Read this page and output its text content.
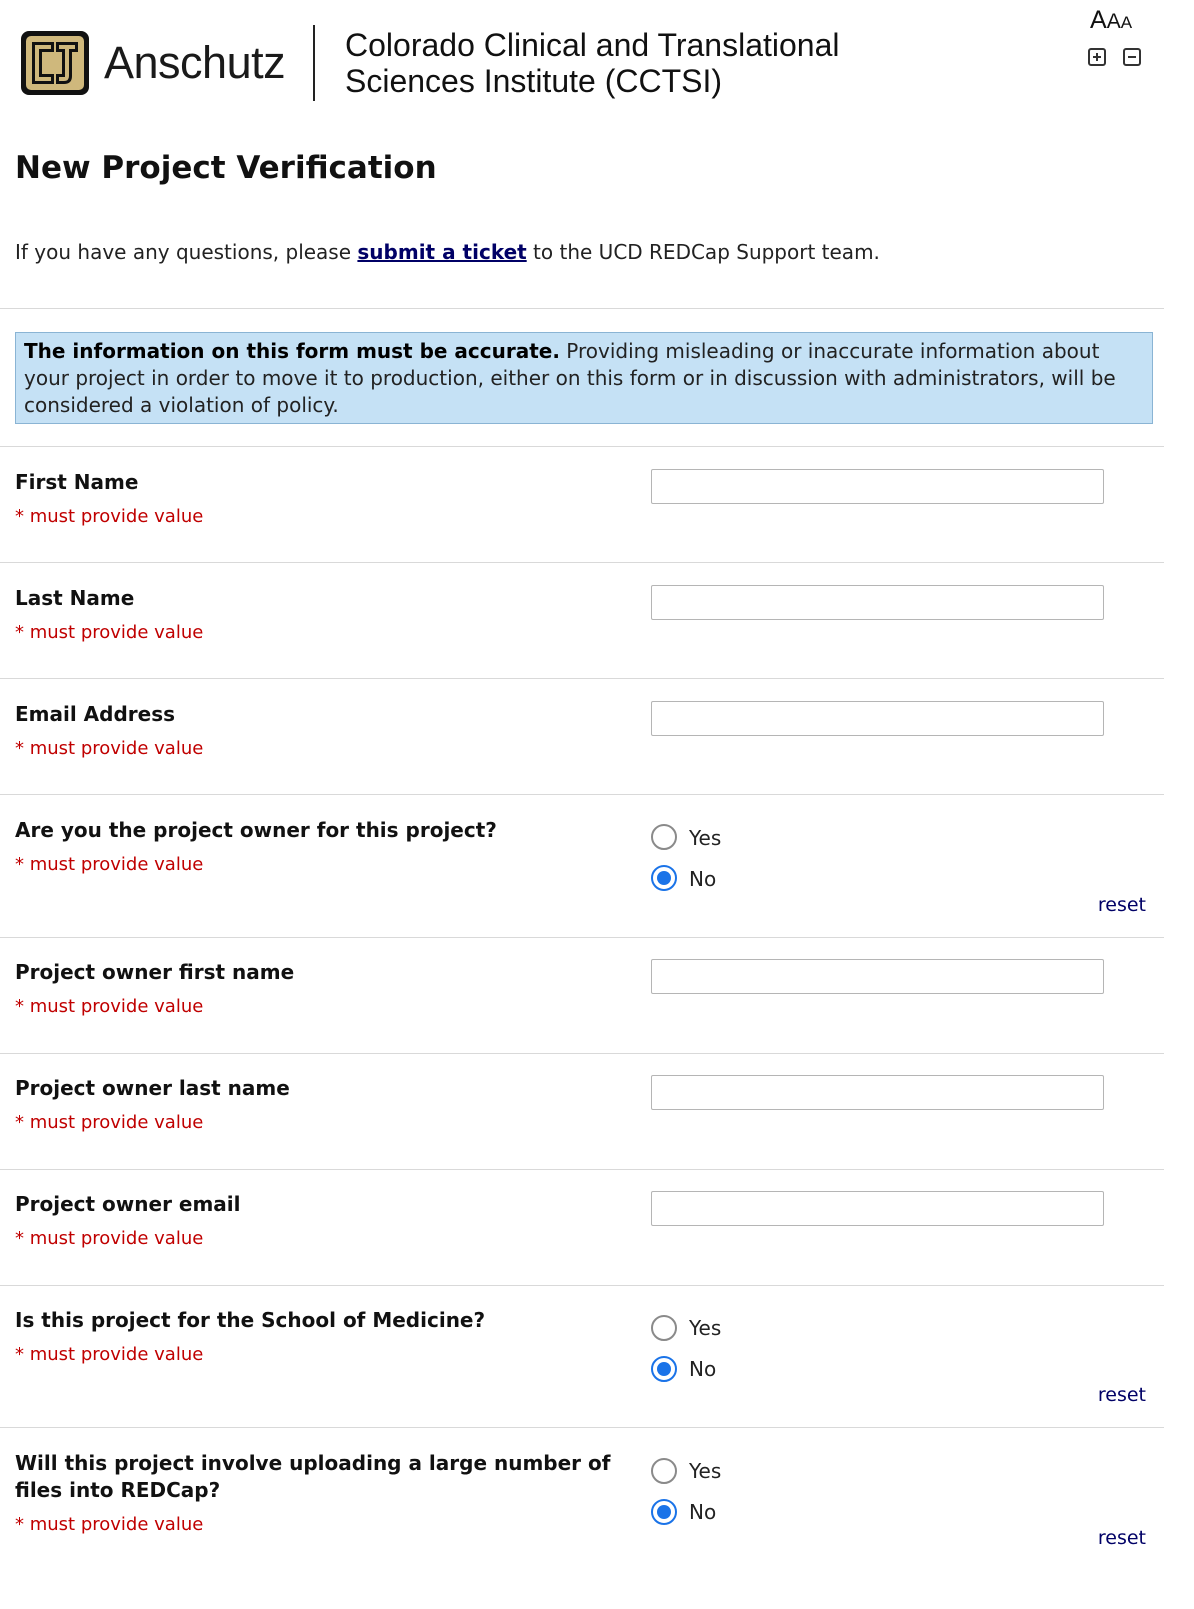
Anschutz Colorado Clinical and Translational
Sciences Institute (CCTSI)
AAA
New Project Verification
If you have any questions, please submit a ticket to the UCD REDCap Support team.
The information on this form must be accurate. Providing misleading or inaccurate information about your project in order to move it to production, either on this form or in discussion with administrators, will be considered a violation of policy.
First Name
* must provide value
Last Name
* must provide value
Email Address
* must provide value
Are you the project owner for this project?
* must provide value
Yes
No
reset
Project owner first name
* must provide value
Project owner last name
* must provide value
Project owner email
* must provide value
Is this project for the School of Medicine?
* must provide value
Yes
No
reset
Will this project involve uploading a large number of files into REDCap?
* must provide value
Yes
No
reset
